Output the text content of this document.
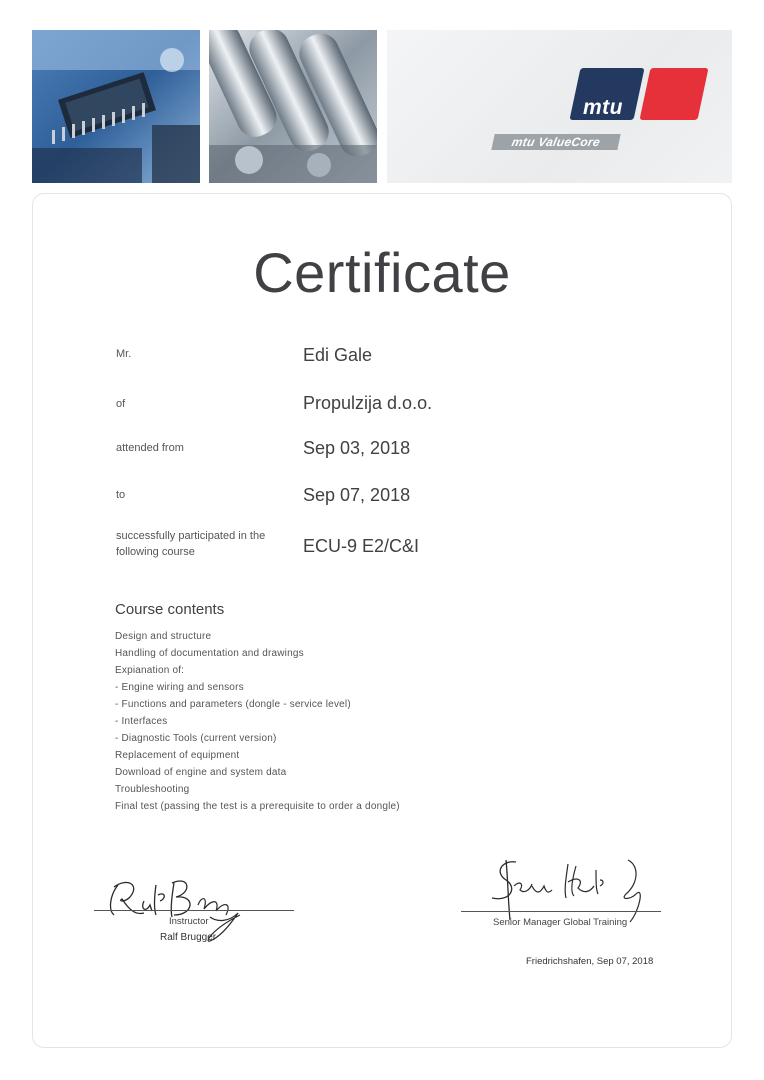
mtu
mtu ValueCore
Certificate
Mr.	Edi Gale
of	Propulzija d.o.o.
attended from	Sep 03, 2018
to	Sep 07, 2018
successfully participated in the
following course	ECU-9 E2/C&I
Course contents
Design and structure
Handling of documentation and drawings
Expianation of:
- Engine wiring and sensors
- Functions and parameters (dongle - service level)
- Interfaces
- Diagnostic Tools (current version)
Replacement of equipment
Download of engine and system data
Troubleshooting
Final test (passing the test is a prerequisite to order a dongle)
Instructor
Ralf Brugger
Senior Manager Global Training
Friedrichshafen, Sep 07, 2018
